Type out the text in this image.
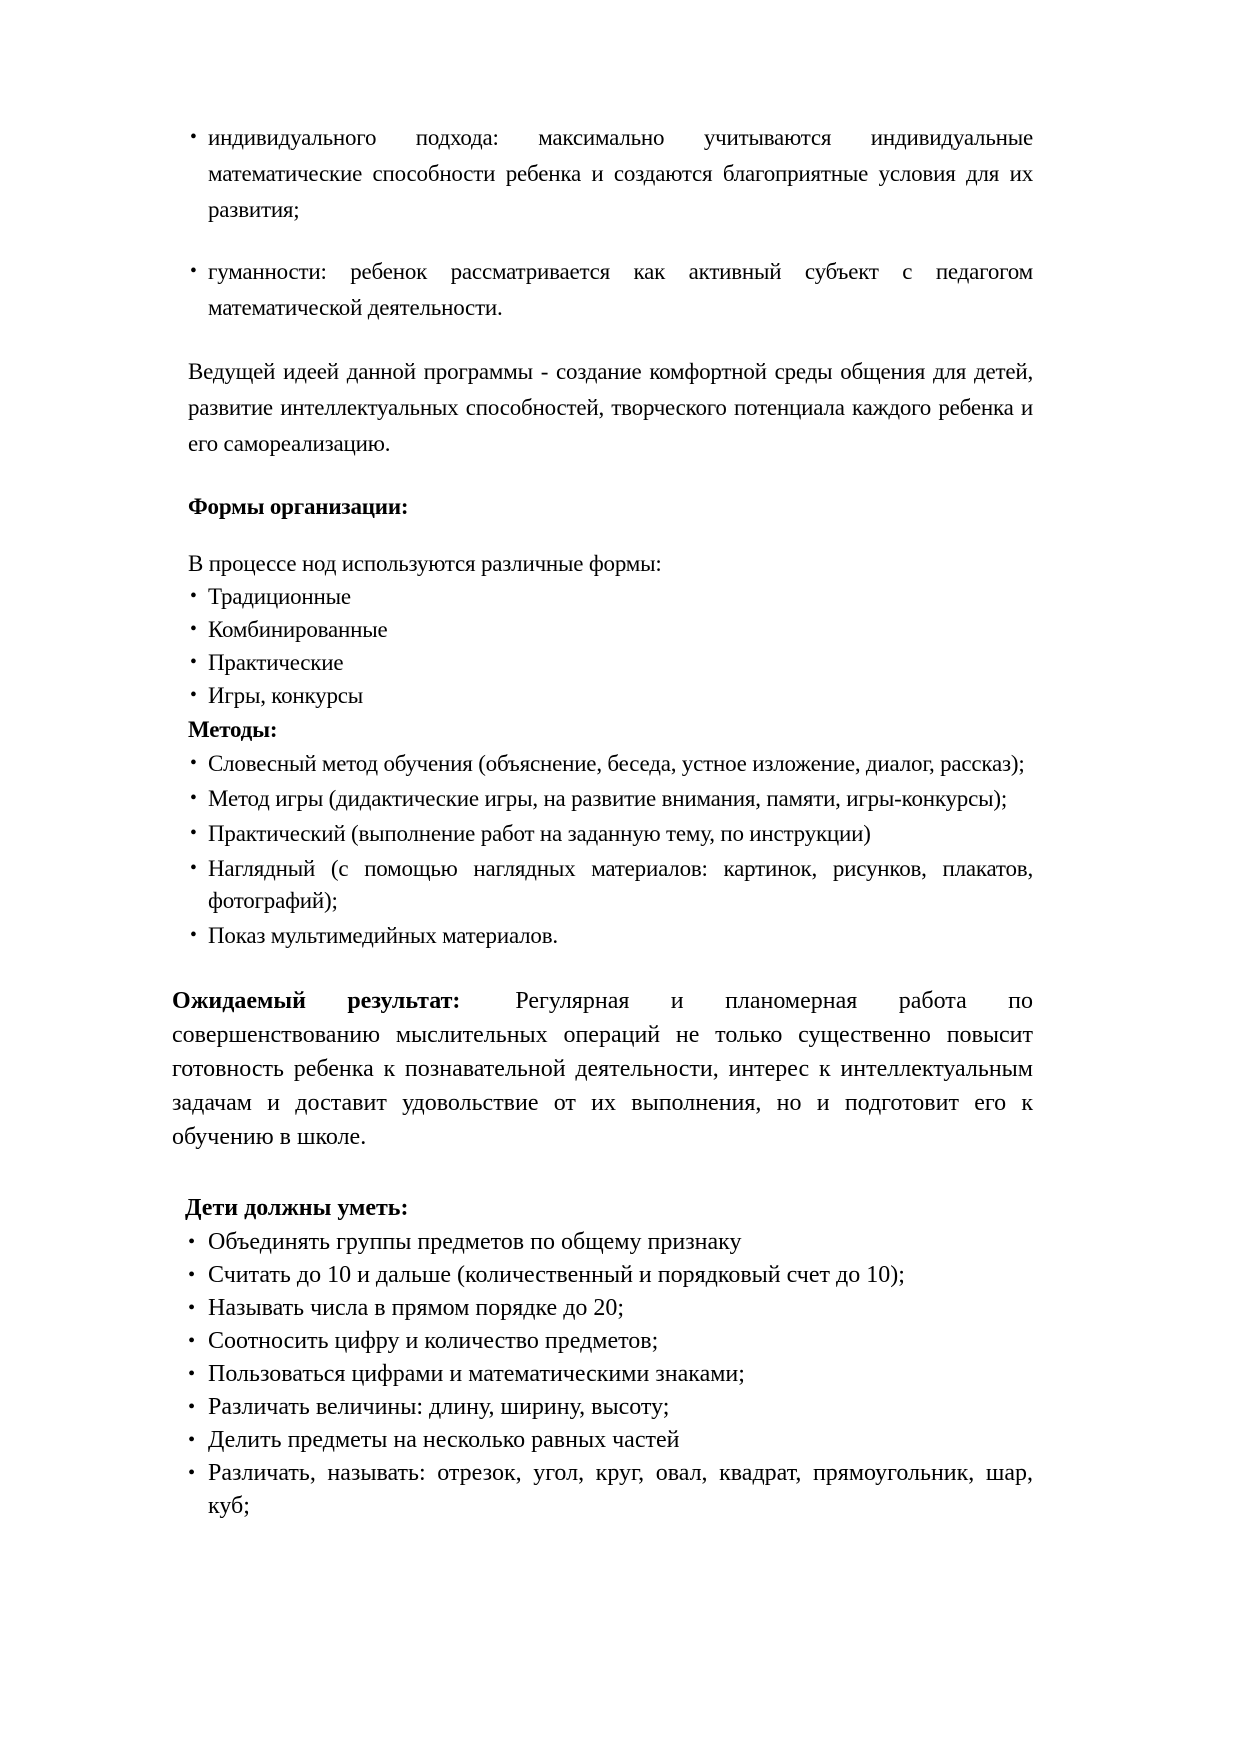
• индивидуального подхода: максимально учитываются индивидуальные математические способности ребенка и создаются благоприятные условия для их развития;
• гуманности: ребенок рассматривается как активный субъект с педагогом математической деятельности.

Ведущей идеей данной программы - создание комфортной среды общения для детей, развитие интеллектуальных способностей, творческого потенциала каждого ребенка и его самореализацию.

Формы организации:

В процессе нод используются различные формы:

• Традиционные
• Комбинированные
• Практические
• Игры, конкурсы

Методы:

• Словесный метод обучения (объяснение, беседа, устное изложение, диалог, рассказ);
• Метод игры (дидактические игры, на развитие внимания, памяти, игры-конкурсы);
• Практический (выполнение работ на заданную тему, по инструкции)
• Наглядный (с помощью наглядных материалов: картинок, рисунков, плакатов, фотографий);
• Показ мультимедийных материалов.

Ожидаемый результат: Регулярная и планомерная работа по совершенствованию мыслительных операций не только существенно повысит готовность ребенка к познавательной деятельности, интерес к интеллектуальным задачам и доставит удовольствие от их выполнения, но и подготовит его к обучению в школе.

Дети должны уметь:

• Объединять группы предметов по общему признаку
• Считать до 10 и дальше (количественный и порядковый счет до 10);
• Называть числа в прямом порядке до 20;
• Соотносить цифру и количество предметов;
• Пользоваться цифрами и математическими знаками;
• Различать величины: длину, ширину, высоту;
• Делить предметы на несколько равных частей
• Различать, называть: отрезок, угол, круг, овал, квадрат, прямоугольник, шар, куб;
